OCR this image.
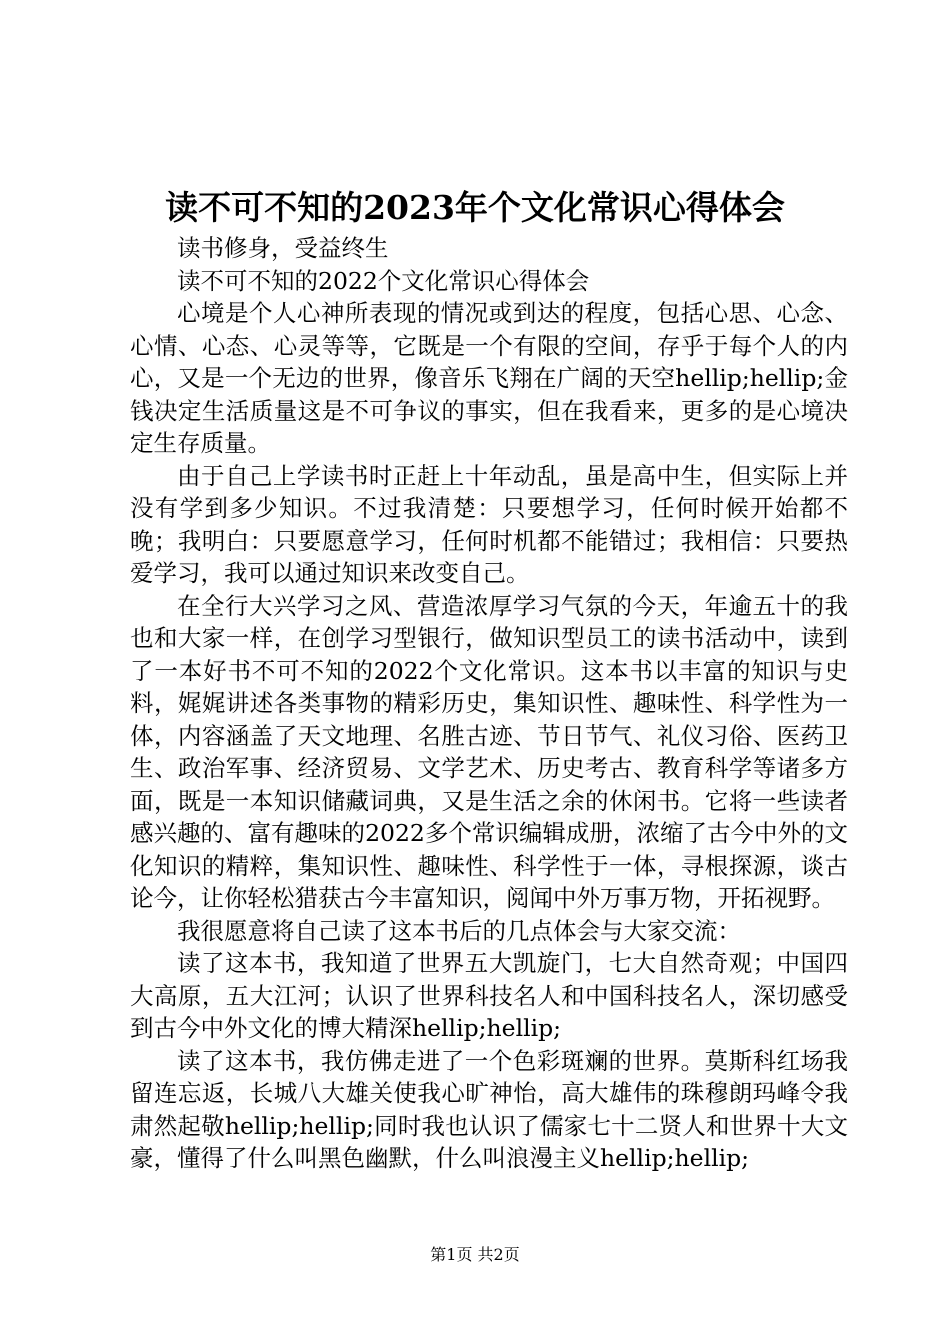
读不可不知的2023年个文化常识心得体会

读书修身，受益终生

读不可不知的2022个文化常识心得体会

心境是个人心神所表现的情况或到达的程度，包括心思、心念、心情、心态、心灵等等，它既是一个有限的空间，存乎于每个人的内心，又是一个无边的世界，像音乐飞翔在广阔的天空hellip;hellip;金钱决定生活质量这是不可争议的事实，但在我看来，更多的是心境决定生存质量。

由于自己上学读书时正赶上十年动乱，虽是高中生，但实际上并没有学到多少知识。不过我清楚：只要想学习，任何时候开始都不晚；我明白：只要愿意学习，任何时机都不能错过；我相信：只要热爱学习，我可以通过知识来改变自己。

在全行大兴学习之风、营造浓厚学习气氛的今天，年逾五十的我也和大家一样，在创学习型银行，做知识型员工的读书活动中，读到了一本好书不可不知的2022个文化常识。这本书以丰富的知识与史料，娓娓讲述各类事物的精彩历史，集知识性、趣味性、科学性为一体，内容涵盖了天文地理、名胜古迹、节日节气、礼仪习俗、医药卫生、政治军事、经济贸易、文学艺术、历史考古、教育科学等诸多方面，既是一本知识储藏词典，又是生活之余的休闲书。它将一些读者感兴趣的、富有趣味的2022多个常识编辑成册，浓缩了古今中外的文化知识的精粹，集知识性、趣味性、科学性于一体，寻根探源，谈古论今，让你轻松猎获古今丰富知识，阅闻中外万事万物，开拓视野。

我很愿意将自己读了这本书后的几点体会与大家交流：

读了这本书，我知道了世界五大凯旋门，七大自然奇观；中国四大高原，五大江河；认识了世界科技名人和中国科技名人，深切感受到古今中外文化的博大精深hellip;hellip;

读了这本书，我仿佛走进了一个色彩斑斓的世界。莫斯科红场我留连忘返，长城八大雄关使我心旷神怡，高大雄伟的珠穆朗玛峰令我肃然起敬hellip;hellip;同时我也认识了儒家七十二贤人和世界十大文豪，懂得了什么叫黑色幽默，什么叫浪漫主义hellip;hellip;

第1页 共2页
